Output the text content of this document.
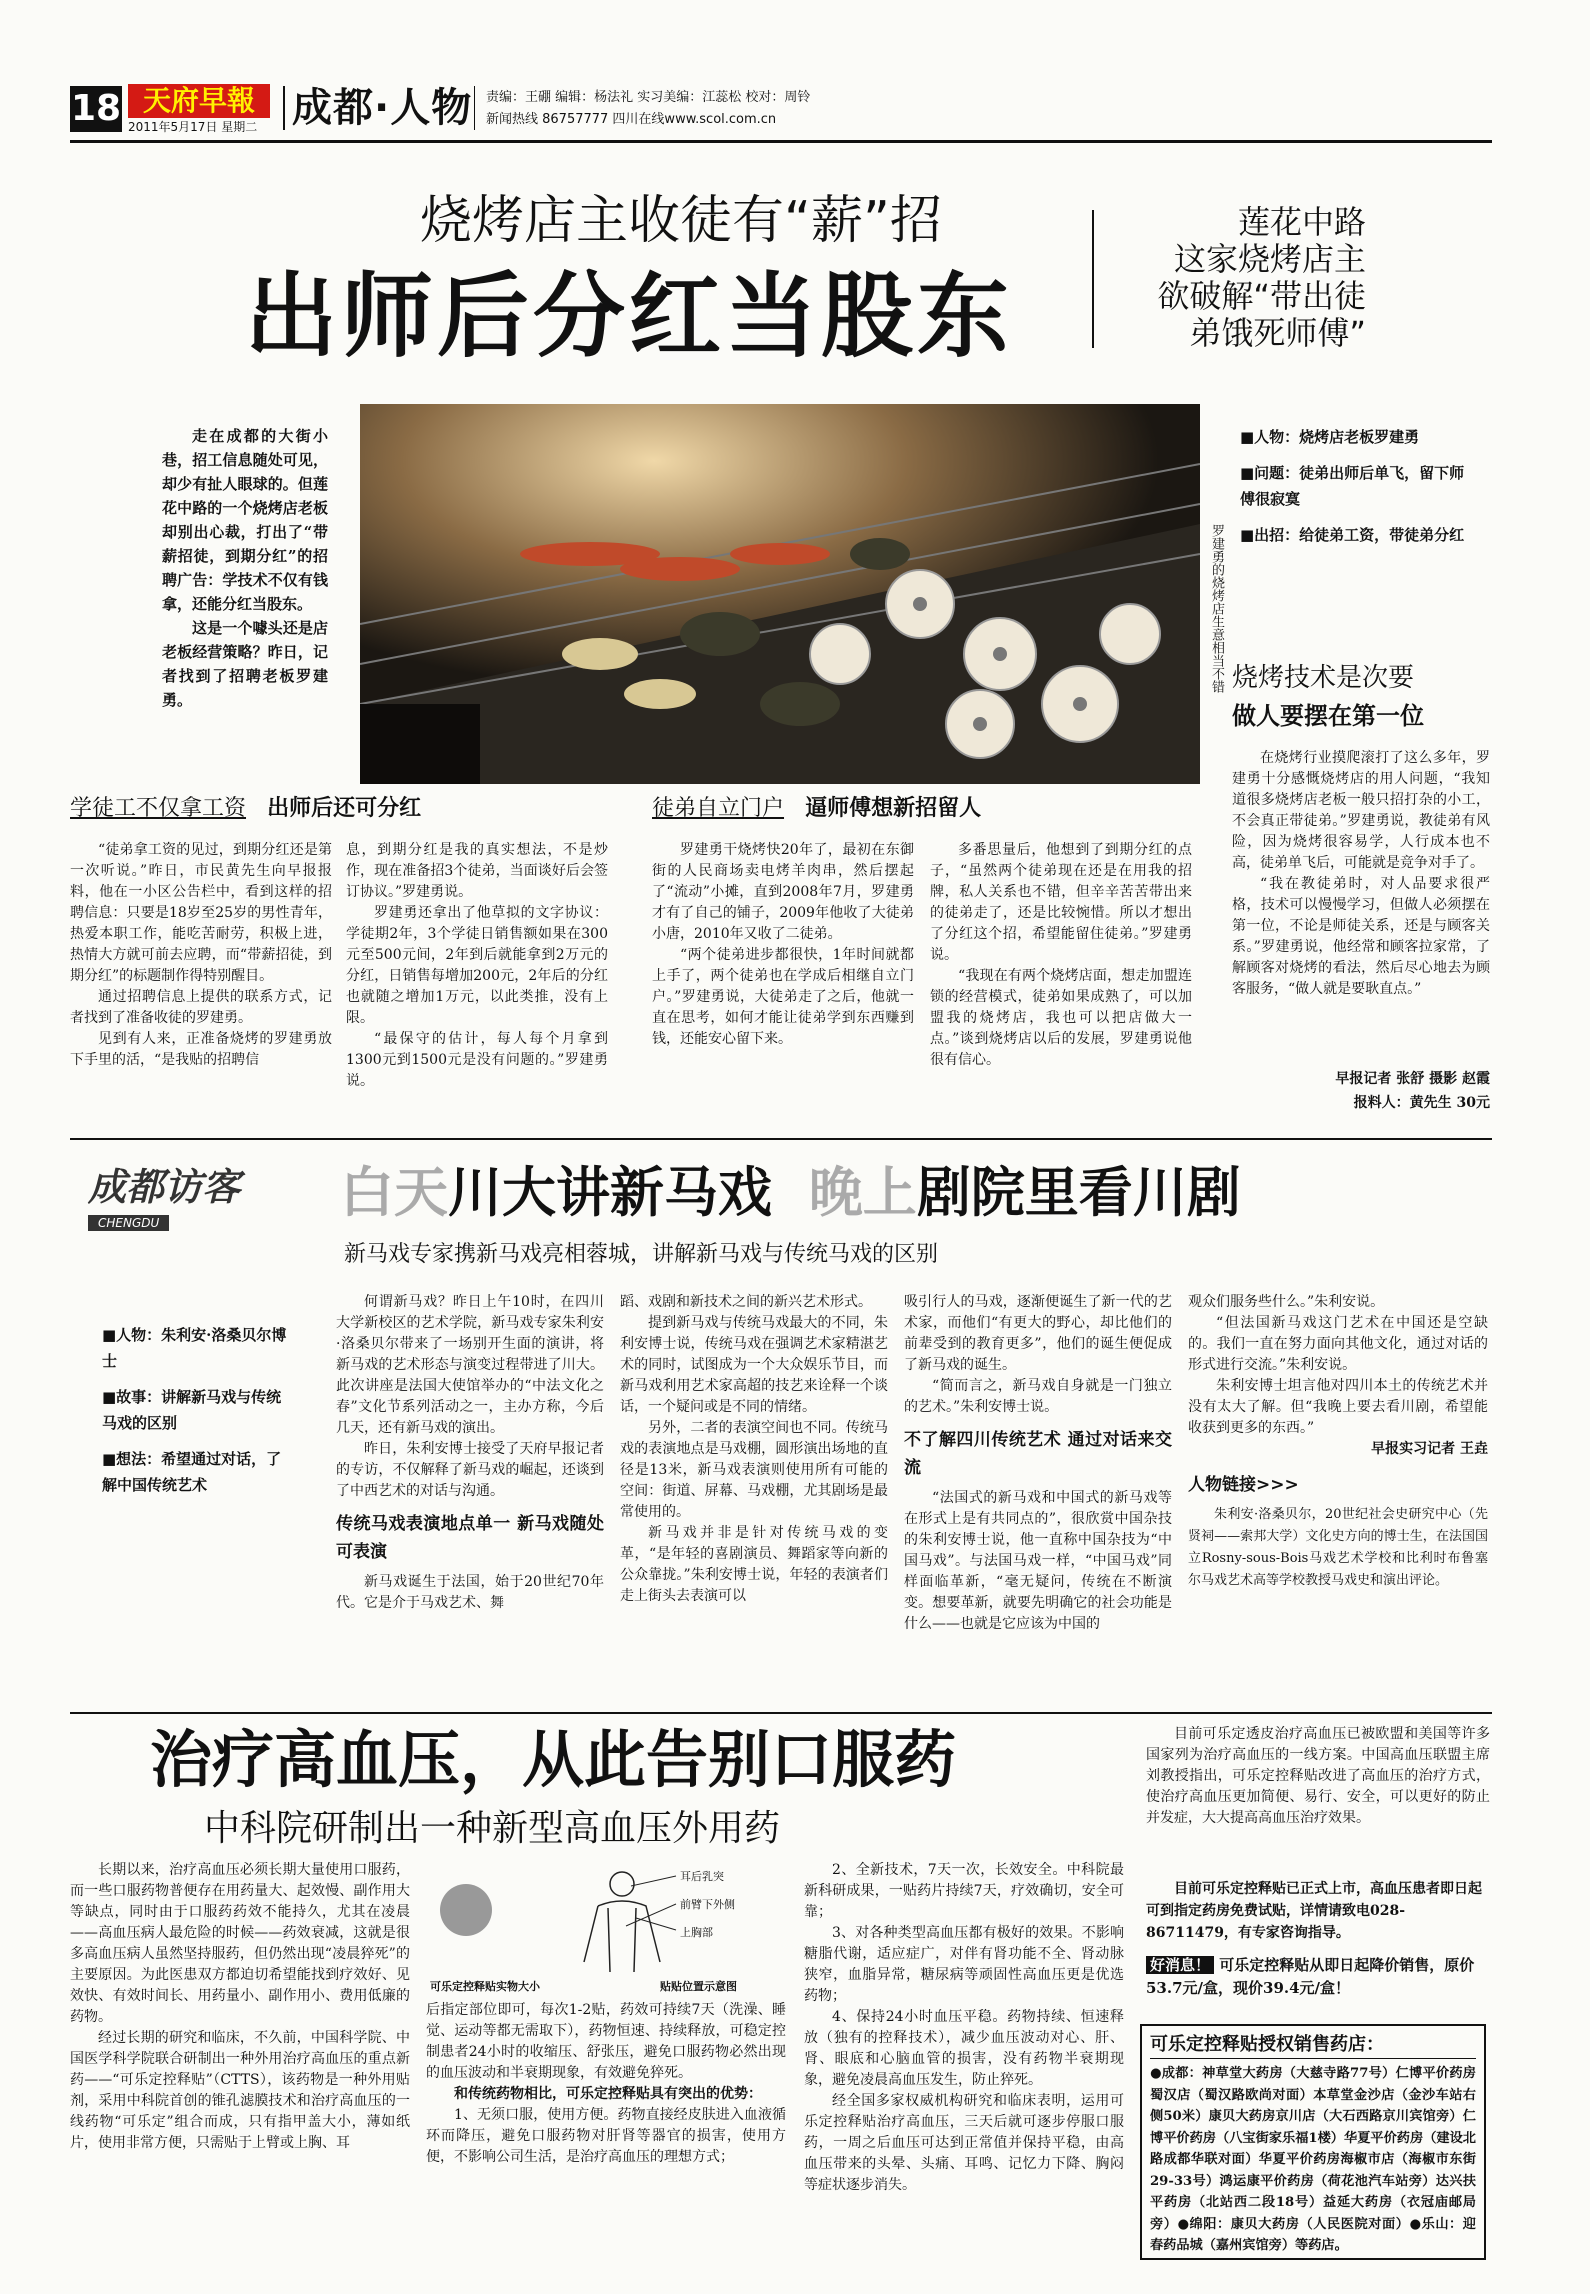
18 天府早報
2011年5月17日 星期二 成都·人物 责编：王硼 编辑：杨法礼 实习美编：江蕊松 校对：周铃
新闻热线 86757777 四川在线www.scol.com.cn
烧烤店主收徒有“薪”招
出师后分红当股东
莲花中路
这家烧烤店主
欲破解“带出徒
弟饿死师傅”

走在成都的大街小巷，招工信息随处可见，却少有扯人眼球的。但莲花中路的一个烧烤店老板却别出心裁，打出了“带薪招徒，到期分红”的招聘广告：学技术不仅有钱拿，还能分红当股东。

这是一个噱头还是店老板经营策略？昨日，记者找到了招聘老板罗建勇。

罗建勇的烧烤店生意相当不错
■人物：烧烤店老板罗建勇
■问题：徒弟出师后单飞，留下师傅很寂寞
■出招：给徒弟工资，带徒弟分红
烧烤技术是次要
做人要摆在第一位

在烧烤行业摸爬滚打了这么多年，罗建勇十分感慨烧烤店的用人问题，“我知道很多烧烤店老板一般只招打杂的小工，不会真正带徒弟。”罗建勇说，教徒弟有风险，因为烧烤很容易学，人行成本也不高，徒弟单飞后，可能就是竞争对手了。

“我在教徒弟时，对人品要求很严格，技术可以慢慢学习，但做人必须摆在第一位，不论是师徒关系，还是与顾客关系。”罗建勇说，他经常和顾客拉家常，了解顾客对烧烤的看法，然后尽心地去为顾客服务，“做人就是要耿直点。”

早报记者 张舒 摄影 赵霞
报料人：黄先生 30元
学徒工不仅拿工资 出师后还可分红

“徒弟拿工资的见过，到期分红还是第一次听说。”昨日，市民黄先生向早报报料，他在一小区公告栏中，看到这样的招聘信息：只要是18岁至25岁的男性青年，热爱本职工作，能吃苦耐劳，积极上进，热情大方就可前去应聘，而“带薪招徒，到期分红”的标题制作得特别醒目。

通过招聘信息上提供的联系方式，记者找到了准备收徒的罗建勇。

见到有人来，正准备烧烤的罗建勇放下手里的活，“是我贴的招聘信

息，到期分红是我的真实想法，不是炒作，现在准备招3个徒弟，当面谈好后会签订协议。”罗建勇说。

罗建勇还拿出了他草拟的文字协议：学徒期2年，3个学徒日销售额如果在300元至500元间，2年到后就能拿到2万元的分红，日销售每增加200元，2年后的分红也就随之增加1万元，以此类推，没有上限。

“最保守的估计，每人每个月拿到1300元到1500元是没有问题的。”罗建勇说。

徒弟自立门户 逼师傅想新招留人

罗建勇干烧烤快20年了，最初在东御街的人民商场卖电烤羊肉串，然后摆起了“流动”小摊，直到2008年7月，罗建勇才有了自己的铺子，2009年他收了大徒弟小唐，2010年又收了二徒弟。

“两个徒弟进步都很快，1年时间就都上手了，两个徒弟也在学成后相继自立门户。”罗建勇说，大徒弟走了之后，他就一直在思考，如何才能让徒弟学到东西赚到钱，还能安心留下来。

多番思量后，他想到了到期分红的点子，“虽然两个徒弟现在还是在用我的招牌，私人关系也不错，但辛辛苦苦带出来的徒弟走了，还是比较惋惜。所以才想出了分红这个招，希望能留住徒弟。”罗建勇说。

“我现在有两个烧烤店面，想走加盟连锁的经营模式，徒弟如果成熟了，可以加盟我的烧烤店，我也可以把店做大一点。”谈到烧烤店以后的发展，罗建勇说他很有信心。

成都访客
CHENGDU	白天川大讲新马戏 晚上剧院里看川剧
新马戏专家携新马戏亮相蓉城，讲解新马戏与传统马戏的区别
■人物：朱利安·洛桑贝尔博士
■故事：讲解新马戏与传统马戏的区别
■想法：希望通过对话，了解中国传统艺术

何谓新马戏？昨日上午10时，在四川大学新校区的艺术学院，新马戏专家朱利安·洛桑贝尔带来了一场别开生面的演讲，将新马戏的艺术形态与演变过程带进了川大。此次讲座是法国大使馆举办的“中法文化之春”文化节系列活动之一，主办方称，今后几天，还有新马戏的演出。

昨日，朱利安博士接受了天府早报记者的专访，不仅解释了新马戏的崛起，还谈到了中西艺术的对话与沟通。

传统马戏表演地点单一 新马戏随处可表演

新马戏诞生于法国，始于20世纪70年代。它是介于马戏艺术、舞

蹈、戏剧和新技术之间的新兴艺术形式。

提到新马戏与传统马戏最大的不同，朱利安博士说，传统马戏在强调艺术家精湛艺术的同时，试图成为一个大众娱乐节目，而新马戏利用艺术家高超的技艺来诠释一个谈话，一个疑问或是不同的情绪。

另外，二者的表演空间也不同。传统马戏的表演地点是马戏棚，圆形演出场地的直径是13米，新马戏表演则使用所有可能的空间：街道、屏幕、马戏棚，尤其剧场是最常使用的。

新马戏并非是针对传统马戏的变革，“是年轻的喜剧演员、舞蹈家等向新的公众靠拢。”朱利安博士说，年轻的表演者们走上街头去表演可以

吸引行人的马戏，逐渐便诞生了新一代的艺术家，而他们“有更大的野心，却比他们的前辈受到的教育更多”，他们的诞生便促成了新马戏的诞生。

“简而言之，新马戏自身就是一门独立的艺术。”朱利安博士说。

不了解四川传统艺术 通过对话来交流

“法国式的新马戏和中国式的新马戏等在形式上是有共同点的”，很欣赏中国杂技的朱利安博士说，他一直称中国杂技为“中国马戏”。与法国马戏一样，“中国马戏”同样面临革新，“毫无疑问，传统在不断演变。想要革新，就要先明确它的社会功能是什么——也就是它应该为中国的

观众们服务些什么。”朱利安说。

“但法国新马戏这门艺术在中国还是空缺的。我们一直在努力面向其他文化，通过对话的形式进行交流。”朱利安说。

朱利安博士坦言他对四川本土的传统艺术并没有太大了解。但“我晚上要去看川剧，希望能收获到更多的东西。”

早报实习记者 王垚
人物链接>>>

朱利安·洛桑贝尔，20世纪社会史研究中心（先贤祠——索邦大学）文化史方向的博士生，在法国国立Rosny-sous-Bois马戏艺术学校和比利时布鲁塞尔马戏艺术高等学校教授马戏史和演出评论。

治疗高血压，从此告别口服药
中科院研制出一种新型高血压外用药

长期以来，治疗高血压必须长期大量使用口服药，而一些口服药物普便存在用药量大、起效慢、副作用大等缺点，同时由于口服药药效不能持久，尤其在凌晨——高血压病人最危险的时候——药效衰减，这就是很多高血压病人虽然坚持服药，但仍然出现“凌晨猝死”的主要原因。为此医患双方都迫切希望能找到疗效好、见效快、有效时间长、用药量小、副作用小、费用低廉的药物。

经过长期的研究和临床，不久前，中国科学院、中国医学科学院联合研制出一种外用治疗高血压的重点新药——“可乐定控释贴”（CTTS），该药物是一种外用贴剂，采用中科院首创的锥孔滤膜技术和治疗高血压的一线药物“可乐定”组合而成，只有指甲盖大小，薄如纸片，使用非常方便，只需贴于上臂或上胸、耳

耳后乳突
前臂下外侧
上胸部
可乐定控释贴实物大小	贴贴位置示意图

后指定部位即可，每次1-2贴，药效可持续7天（洗澡、睡觉、运动等都无需取下），药物恒速、持续释放，可稳定控制患者24小时的收缩压、舒张压，避免口服药物必然出现的血压波动和半衰期现象，有效避免猝死。

和传统药物相比，可乐定控释贴具有突出的优势：

1、无须口服，使用方便。药物直接经皮肤进入血液循环而降压，避免口服药物对肝肾等器官的损害，使用方便，不影响公司生活，是治疗高血压的理想方式；

2、全新技术，7天一次，长效安全。中科院最新科研成果，一贴药片持续7天，疗效确切，安全可靠；

3、对各种类型高血压都有极好的效果。不影响糖脂代谢，适应症广，对伴有肾功能不全、肾动脉狭窄，血脂异常，糖尿病等顽固性高血压更是优选药物；

4、保持24小时血压平稳。药物持续、恒速释放（独有的控释技术），减少血压波动对心、肝、肾、眼底和心脑血管的损害，没有药物半衰期现象，避免凌晨高血压发生，防止猝死。

经全国多家权威机构研究和临床表明，运用可乐定控释贴治疗高血压，三天后就可逐步停服口服药，一周之后血压可达到正常值并保持平稳，由高血压带来的头晕、头痛、耳鸣、记忆力下降、胸闷等症状逐步消失。

目前可乐定透皮治疗高血压已被欧盟和美国等许多国家列为治疗高血压的一线方案。中国高血压联盟主席刘教授指出，可乐定控释贴改进了高血压的治疗方式，使治疗高血压更加简便、易行、安全，可以更好的防止并发症，大大提高高血压治疗效果。

目前可乐定控释贴已正式上市，高血压患者即日起可到指定药房免费试贴，详情请致电028-86711479，有专家咨询指导。
好消息！ 可乐定控释贴从即日起降价销售，原价53.7元/盒，现价39.4元/盒！
可乐定控释贴授权销售药店：
●成都：神草堂大药房（大慈寺路77号）仁博平价药房蜀汉店（蜀汉路欧尚对面）本草堂金沙店（金沙车站右侧50米）康贝大药房京川店（大石西路京川宾馆旁）仁博平价药房（八宝街家乐福1楼）华夏平价药房（建设北路成都华联对面）华夏平价药房海椒市店（海椒市东街29-33号）鸿运康平价药房（荷花池汽车站旁）达兴扶平药房（北站西二段18号）益延大药房（衣冠庙邮局旁）●绵阳：康贝大药房（人民医院对面）●乐山：迎春药品城（嘉州宾馆旁）等药店。
